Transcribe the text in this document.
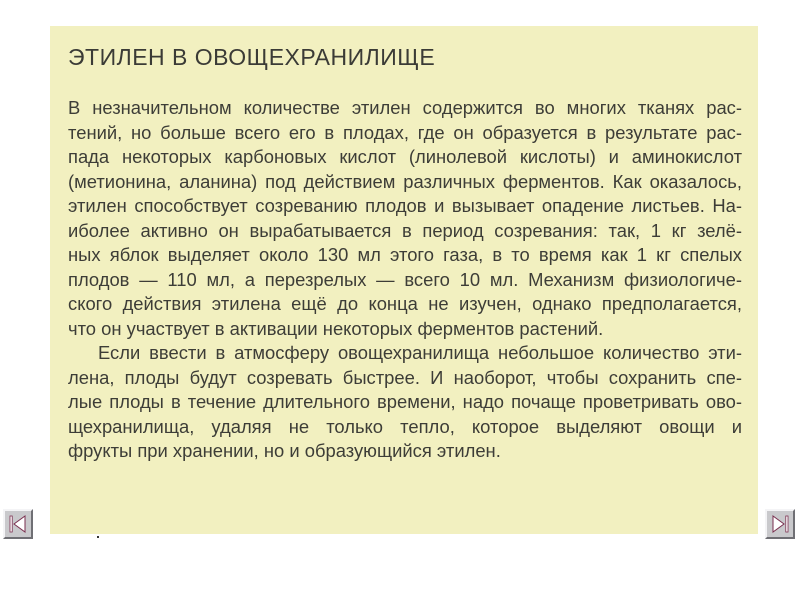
ЭТИЛЕН В ОВОЩЕХРАНИЛИЩЕ
В незначительном количестве этилен содержится во многих тканях рас-
тений, но больше всего его в плодах, где он образуется в результате рас-
пада некоторых карбоновых кислот (линолевой кислоты) и аминокислот
(метионина, аланина) под действием различных ферментов. Как оказалось,
этилен способствует созреванию плодов и вызывает опадение листьев. На-
иболее активно он вырабатывается в период созревания: так, 1 кг зелё-
ных яблок выделяет около 130 мл этого газа, в то время как 1 кг спелых
плодов — 110 мл, а перезрелых — всего 10 мл. Механизм физиологиче-
ского действия этилена ещё до конца не изучен, однако предполагается,
что он участвует в активации некоторых ферментов растений.
Если ввести в атмосферу овощехранилища небольшое количество эти-
лена, плоды будут созревать быстрее. И наоборот, чтобы сохранить спе-
лые плоды в течение длительного времени, надо почаще проветривать ово-
щехранилища, удаляя не только тепло, которое выделяют овощи и
фрукты при хранении, но и образующийся этилен.
